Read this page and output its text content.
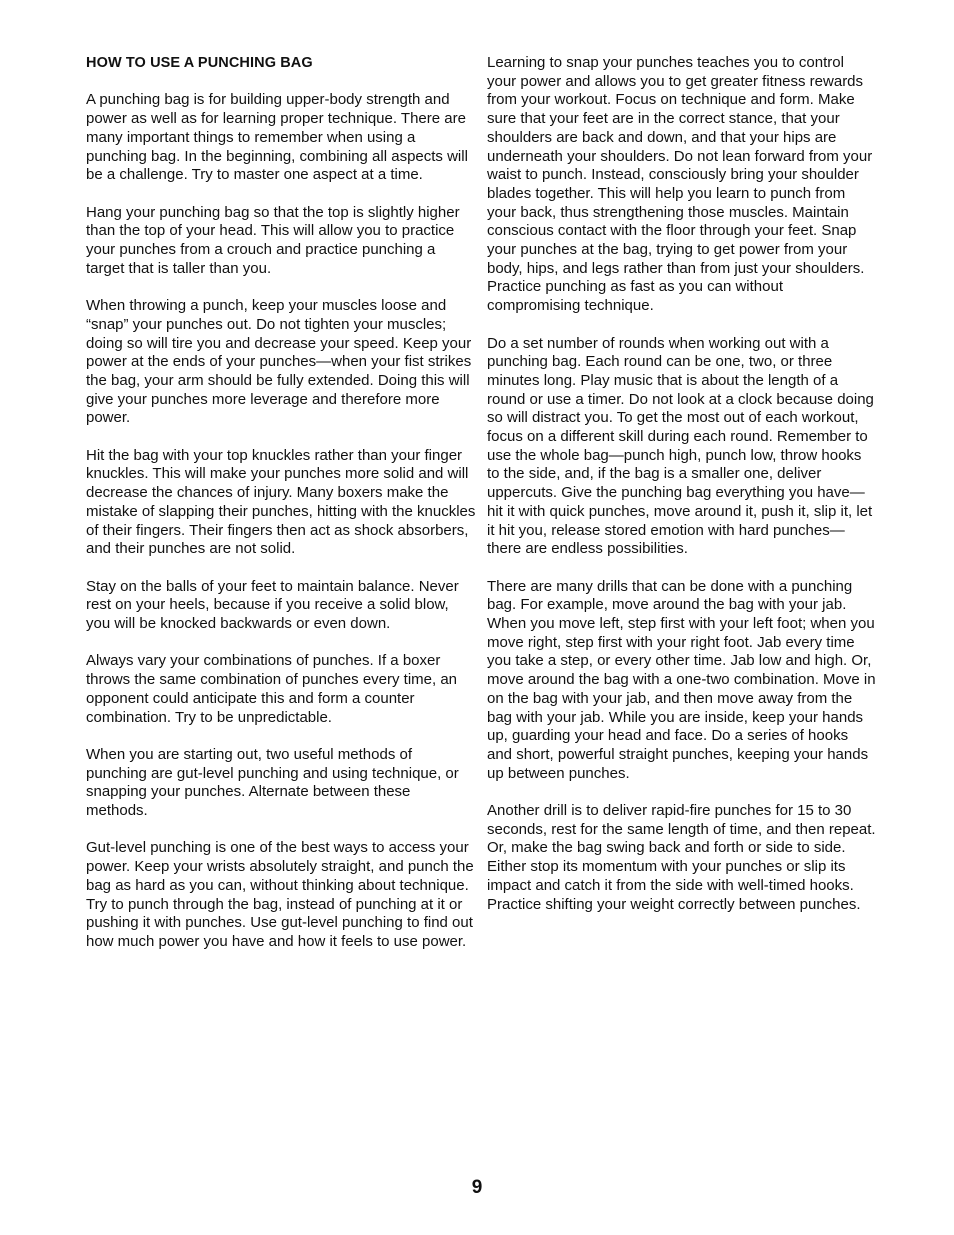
HOW TO USE A PUNCHING BAG

A punching bag is for building upper-body strength and power as well as for learning proper technique. There are many important things to remember when using a punching bag. In the beginning, combining all aspects will be a challenge. Try to master one aspect at a time.

Hang your punching bag so that the top is slightly higher than the top of your head. This will allow you to practice your punches from a crouch and practice punching a target that is taller than you.

When throwing a punch, keep your muscles loose and “snap” your punches out. Do not tighten your muscles; doing so will tire you and decrease your speed. Keep your power at the ends of your punches—when your fist strikes the bag, your arm should be fully extended. Doing this will give your punches more leverage and therefore more power.

Hit the bag with your top knuckles rather than your finger knuckles. This will make your punches more solid and will decrease the chances of injury. Many boxers make the mistake of slapping their punches, hitting with the knuckles of their fingers. Their fingers then act as shock absorbers, and their punches are not solid.

Stay on the balls of your feet to maintain balance. Never rest on your heels, because if you receive a solid blow, you will be knocked backwards or even down.

Always vary your combinations of punches. If a boxer throws the same combination of punches every time, an opponent could anticipate this and form a counter combination. Try to be unpredictable.

When you are starting out, two useful methods of punching are gut-level punching and using technique, or snapping your punches. Alternate between these methods.

Gut-level punching is one of the best ways to access your power. Keep your wrists absolutely straight, and punch the bag as hard as you can, without thinking about technique. Try to punch through the bag, instead of punching at it or pushing it with punches. Use gut-level punching to find out how much power you have and how it feels to use power.

Learning to snap your punches teaches you to control your power and allows you to get greater fitness rewards from your workout. Focus on technique and form. Make sure that your feet are in the correct stance, that your shoulders are back and down, and that your hips are underneath your shoulders. Do not lean forward from your waist to punch. Instead, consciously bring your shoulder blades together. This will help you learn to punch from your back, thus strengthening those muscles. Maintain conscious contact with the floor through your feet. Snap your punches at the bag, trying to get power from your body, hips, and legs rather than from just your shoulders. Practice punching as fast as you can without compromising technique.

Do a set number of rounds when working out with a punching bag. Each round can be one, two, or three minutes long. Play music that is about the length of a round or use a timer. Do not look at a clock because doing so will distract you. To get the most out of each workout, focus on a different skill during each round. Remember to use the whole bag—punch high, punch low, throw hooks to the side, and, if the bag is a smaller one, deliver uppercuts. Give the punching bag everything you have—hit it with quick punches, move around it, push it, slip it, let it hit you, release stored emotion with hard punches—there are endless possibilities.

There are many drills that can be done with a punching bag. For example, move around the bag with your jab. When you move left, step first with your left foot; when you move right, step first with your right foot. Jab every time you take a step, or every other time. Jab low and high. Or, move around the bag with a one-two combination. Move in on the bag with your jab, and then move away from the bag with your jab. While you are inside, keep your hands up, guarding your head and face. Do a series of hooks and short, powerful straight punches, keeping your hands up between punches.

Another drill is to deliver rapid-fire punches for 15 to 30 seconds, rest for the same length of time, and then repeat. Or, make the bag swing back and forth or side to side. Either stop its momentum with your punches or slip its impact and catch it from the side with well-timed hooks. Practice shifting your weight correctly between punches.

9
